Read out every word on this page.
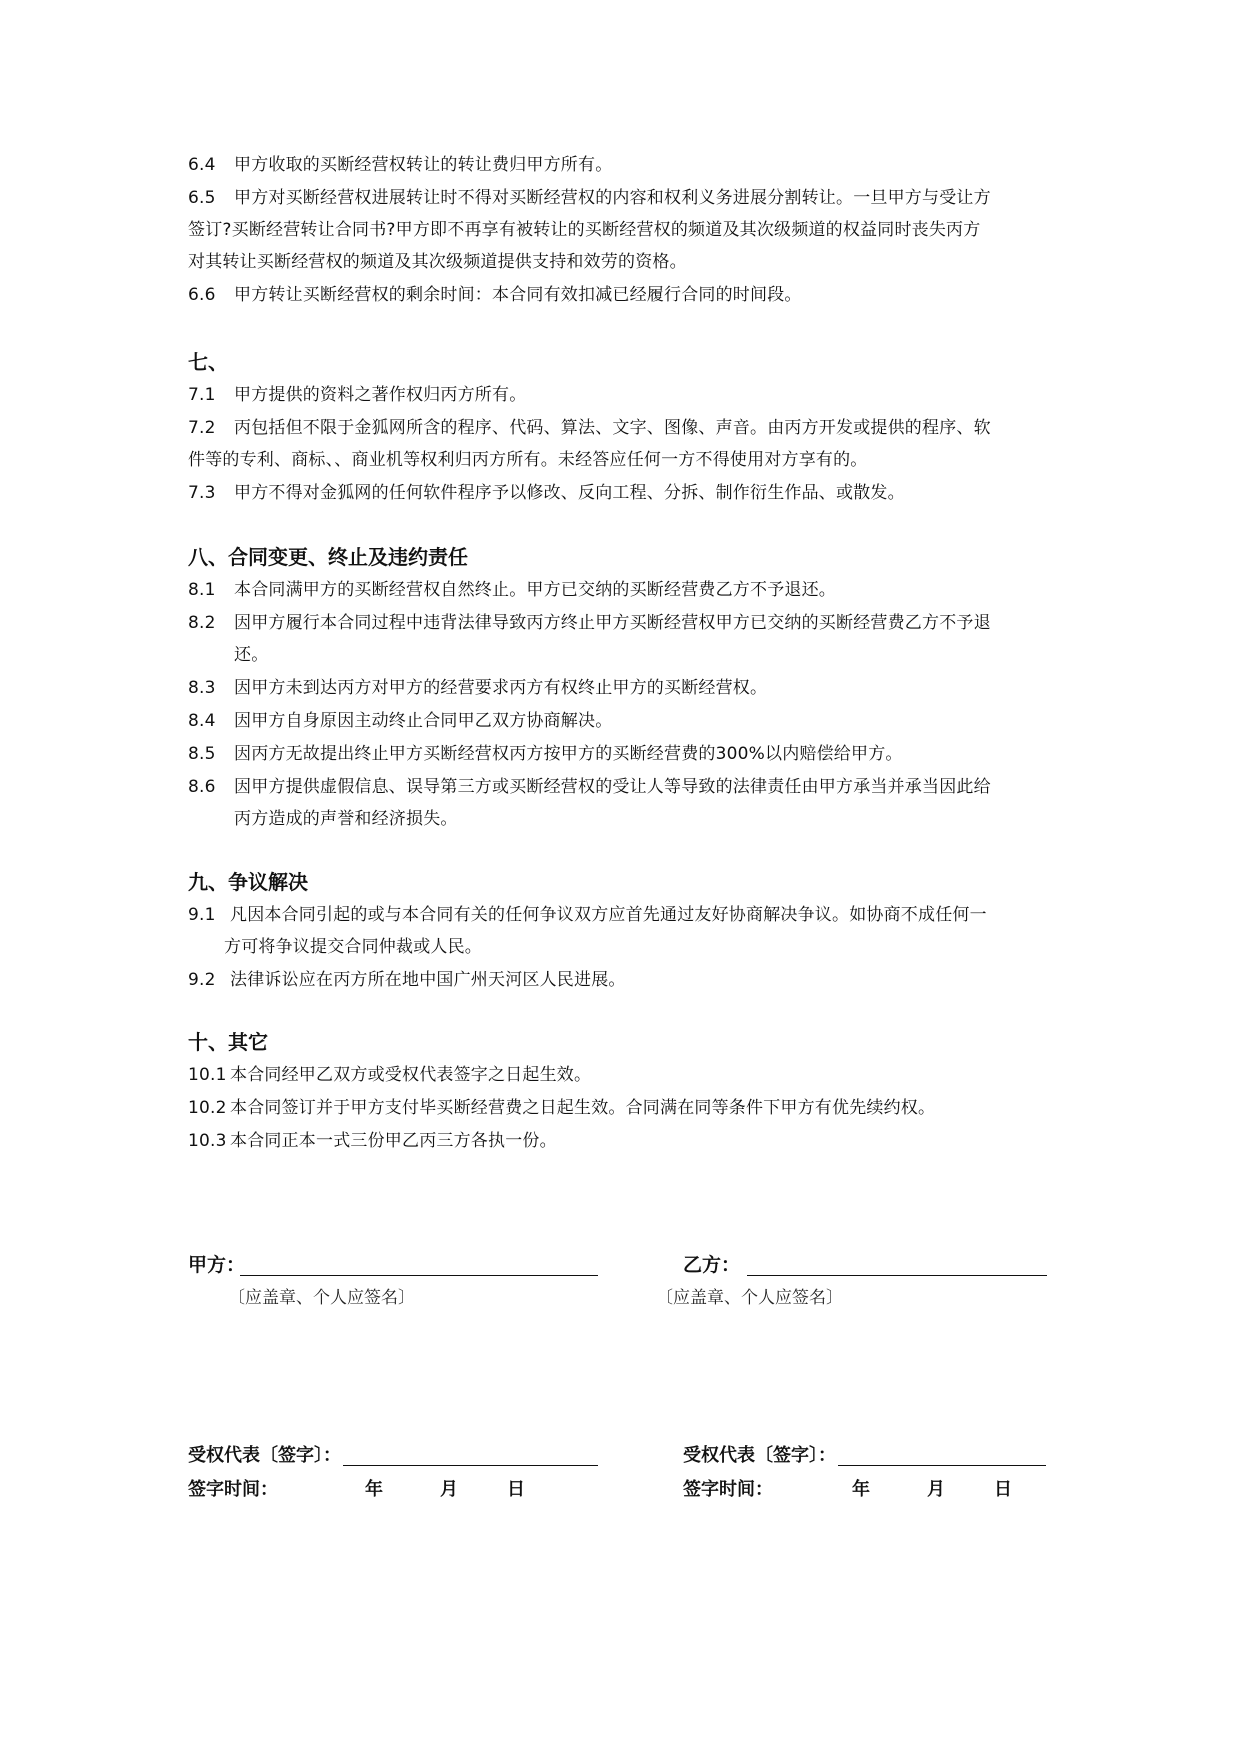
6.4 甲方收取的买断经营权转让的转让费归甲方所有。
6.5 甲方对买断经营权进展转让时不得对买断经营权的内容和权利义务进展分割转让。一旦甲方与受让方
签订?买断经营转让合同书?甲方即不再享有被转让的买断经营权的频道及其次级频道的权益同时丧失丙方
对其转让买断经营权的频道及其次级频道提供支持和效劳的资格。
6.6 甲方转让买断经营权的剩余时间：本合同有效扣减已经履行合同的时间段。
七、
7.1 甲方提供的资料之著作权归丙方所有。
7.2 丙包括但不限于金狐网所含的程序、代码、算法、文字、图像、声音。由丙方开发或提供的程序、软
件等的专利、商标、、商业机等权利归丙方所有。未经答应任何一方不得使用对方享有的。
7.3 甲方不得对金狐网的任何软件程序予以修改、反向工程、分拆、制作衍生作品、或散发。
八、合同变更、终止及违约责任
8.1 本合同满甲方的买断经营权自然终止。甲方已交纳的买断经营费乙方不予退还。
8.2 因甲方履行本合同过程中违背法律导致丙方终止甲方买断经营权甲方已交纳的买断经营费乙方不予退
还。
8.3 因甲方未到达丙方对甲方的经营要求丙方有权终止甲方的买断经营权。
8.4 因甲方自身原因主动终止合同甲乙双方协商解决。
8.5 因丙方无故提出终止甲方买断经营权丙方按甲方的买断经营费的300%以内赔偿给甲方。
8.6 因甲方提供虚假信息、误导第三方或买断经营权的受让人等导致的法律责任由甲方承当并承当因此给
丙方造成的声誉和经济损失。
九、争议解决
9.1 凡因本合同引起的或与本合同有关的任何争议双方应首先通过友好协商解决争议。如协商不成任何一
方可将争议提交合同仲裁或人民。
9.2 法律诉讼应在丙方所在地中国广州天河区人民进展。
十、其它
10.1 本合同经甲乙双方或受权代表签字之日起生效。
10.2 本合同签订并于甲方支付毕买断经营费之日起生效。合同满在同等条件下甲方有优先续约权。
10.3 本合同正本一式三份甲乙丙三方各执一份。
甲方：
〔应盖章、个人应签名〕
乙方：
〔应盖章、个人应签名〕
受权代表〔签字〕：	受权代表〔签字〕：
签字时间：	年	月	日	签字时间：	年	月	日
